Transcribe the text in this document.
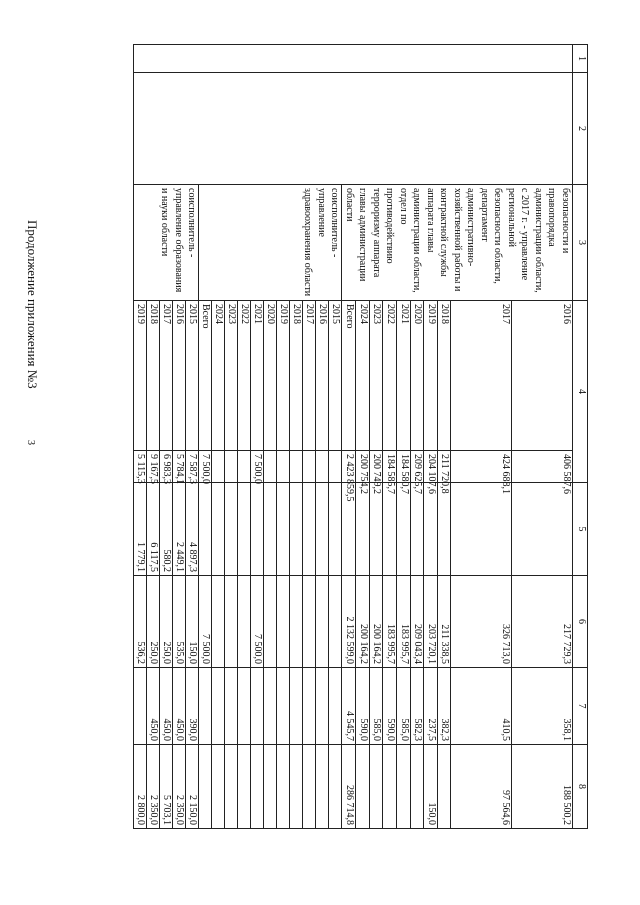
3
Продолжение приложения №3
1	2	3	4		5	6	7	8
		безопасности и правопорядка администрации области, с 2017 г. - управление региональной безопасности области, департамент административно-хозяйственной работы и контрактной службы аппарата главы администрации области, отдел по противодействию терроризму аппарата главы администрации области	2016	406 587,6		217 729,3	358,1	188 500,2
			2017	424 688,1		326 713,0	410,5	97 564,6
			2018	211 720,8		211 338,5	382,3	
			2019	204 107,6		203 720,1	237,5	150,0
			2020	209 625,7		209 043,4	582,3	
			2021	184 580,7		183 995,7	585,0	
			2022	184 585,7		183 995,7	590,0	
			2023	200 749,2		200 164,2	585,0	
			2024	200 754,2		200 164,2	590,0	
			Всего	2 423 859,5		2 132 599,0	4 545,7	286 714,8
		соисполнитель - управление здравоохранения области	2015					
			2016					
			2017					
			2018					
			2019					
			2020					
			2021	7 500,0		7 500,0		
			2022					
			2023					
			2024					
			Всего	7 500,0		7 500,0		
		соисполнитель - управление образования и науки области	2015	7 587,3	4 897,3	150,0	390,0	2 150,0
			2016	5 784,1	2 449,1	535,0	450,0	2 350,0
			2017	6 983,3	580,2	250,0	450,0	5 703,1
			2018	9 167,5	6 117,5	250,0	450,0	2 350,0
			2019	5 115,3	1 779,1	536,2		2 800,0
